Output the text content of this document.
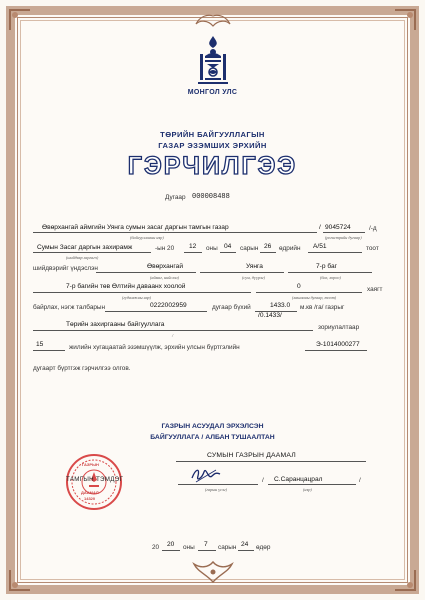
МОНГОЛ УЛС
ТӨРИЙН БАЙГУУЛЛАГЫН
ГАЗАР ЭЗЭМШИХ ЭРХИЙН
ГЭРЧИЛГЭЭ
Дугаар 000008488
Өвөрхангай аймгийн Уянга сумын засаг даргын тамгын газар
(байгууллагын нэр)
/ 9045724
(регистрийн дугаар)
/-д
Сумын Засаг даргын захирамж
(шийдвэр гаргагч)
-ын 20 12 оны 04 сарын 26 өдрийн A/51	тоот
шийдвэрийг үндэслэн	Өвөрхангай
(аймаг, нийслэл)
Уянга
(сум, дүүрэг)
7-р баг
(баг, хороо)
7-р багийн төв Өлтийн даваанх хоолой
(гудамжны нэр)
0
(хашааны дугаар, тоот)
хаягт
байрлах, нэгж талбарын	0222002959	дугаар бүхий	1433.0
/0.1433/
м.кв /га/ газрыг
Төрийн захиргааны байгууллага
/
зориулалтаар
15	жилийн хугацаатай эзэмшүүлж, эрхийн улсын бүртгэлийн	Э-1014000277
дугаарт бүртгэж гэрчилгээ олгов.
ГАЗРЫН АСУУДАЛ ЭРХЭЛСЭН
БАЙГУУЛЛАГА / АЛБАН ТУШААЛТАН
СУМЫН ГАЗРЫН ДААМАЛ
ГАЗРЫН
ДААМАЛ
14320
ТАМГЫН ТЭМДЭГ
(гарын үсэг)
/ С.Саранцацрал
(нэр)
/
20 20 оны 7 сарын 24 өдөр
